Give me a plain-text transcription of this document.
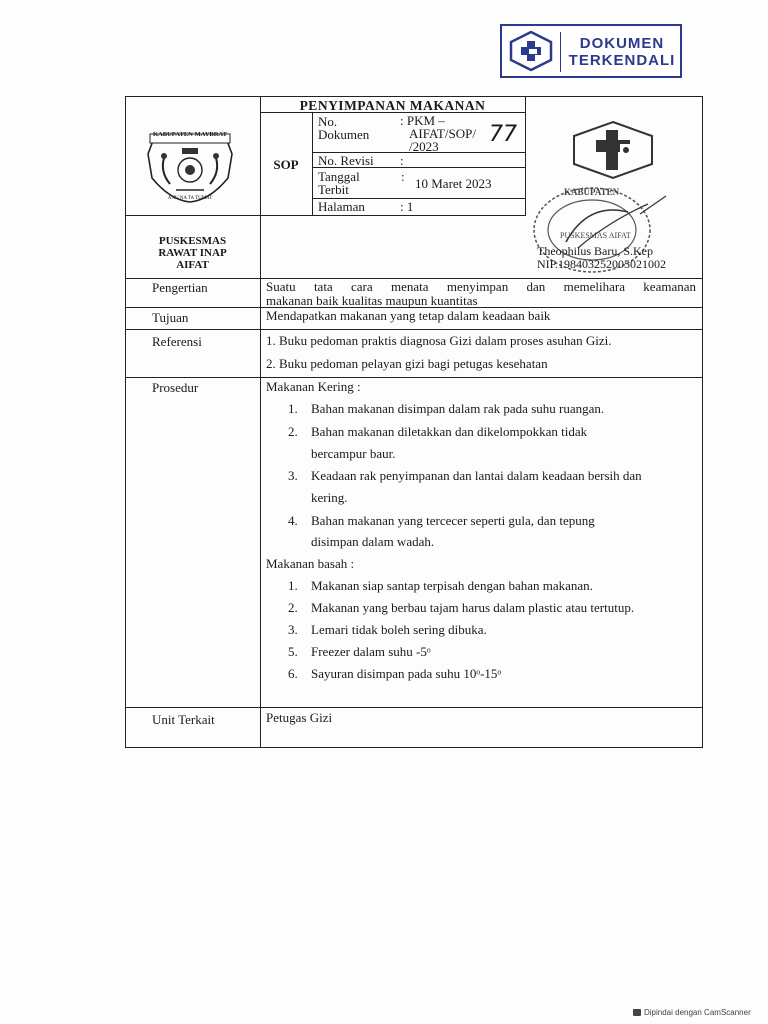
DOKUMEN
TERKENDALI
KABUPATEN MAYBRAT
ANU NA TA TUMAT
PENYIMPANAN MAKANAN
SOP
No.
Dokumen
: PKM –
AIFAT/SOP/
/2023 77
No. Revisi :
Tanggal
Terbit
: 10 Maret 2023
Halaman	: 1
KABUPATEN
PUSKESMAS AIFAT
Theophilus Baru, S.Kep
NIP.198403252005021002
PUSKESMAS
RAWAT INAP
AIFAT
Pengertian	Suatu tata cara menata menyimpan dan memelihara keamanan
makanan baik kualitas maupun kuantitas
Tujuan	Mendapatkan makanan yang tetap dalam keadaan baik
Referensi	1. Buku pedoman praktis diagnosa Gizi dalam proses asuhan Gizi.
2. Buku pedoman pelayan gizi bagi petugas kesehatan
Prosedur	Makanan Kering :
1. Bahan makanan disimpan dalam rak pada suhu ruangan.
2. Bahan makanan diletakkan dan dikelompokkan tidak
bercampur baur.
3. Keadaan rak penyimpanan dan lantai dalam keadaan bersih dan
kering.
4. Bahan makanan yang tercecer seperti gula, dan tepung
disimpan dalam wadah.
Makanan basah :
1. Makanan siap santap terpisah dengan bahan makanan.
2. Makanan yang berbau tajam harus dalam plastic atau tertutup.
3. Lemari tidak boleh sering dibuka.
5. Freezer dalam suhu -5ᵒ
6. Sayuran disimpan pada suhu 10ᵒ-15ᵒ
Unit Terkait	Petugas Gizi
Dipindai dengan CamScanner
